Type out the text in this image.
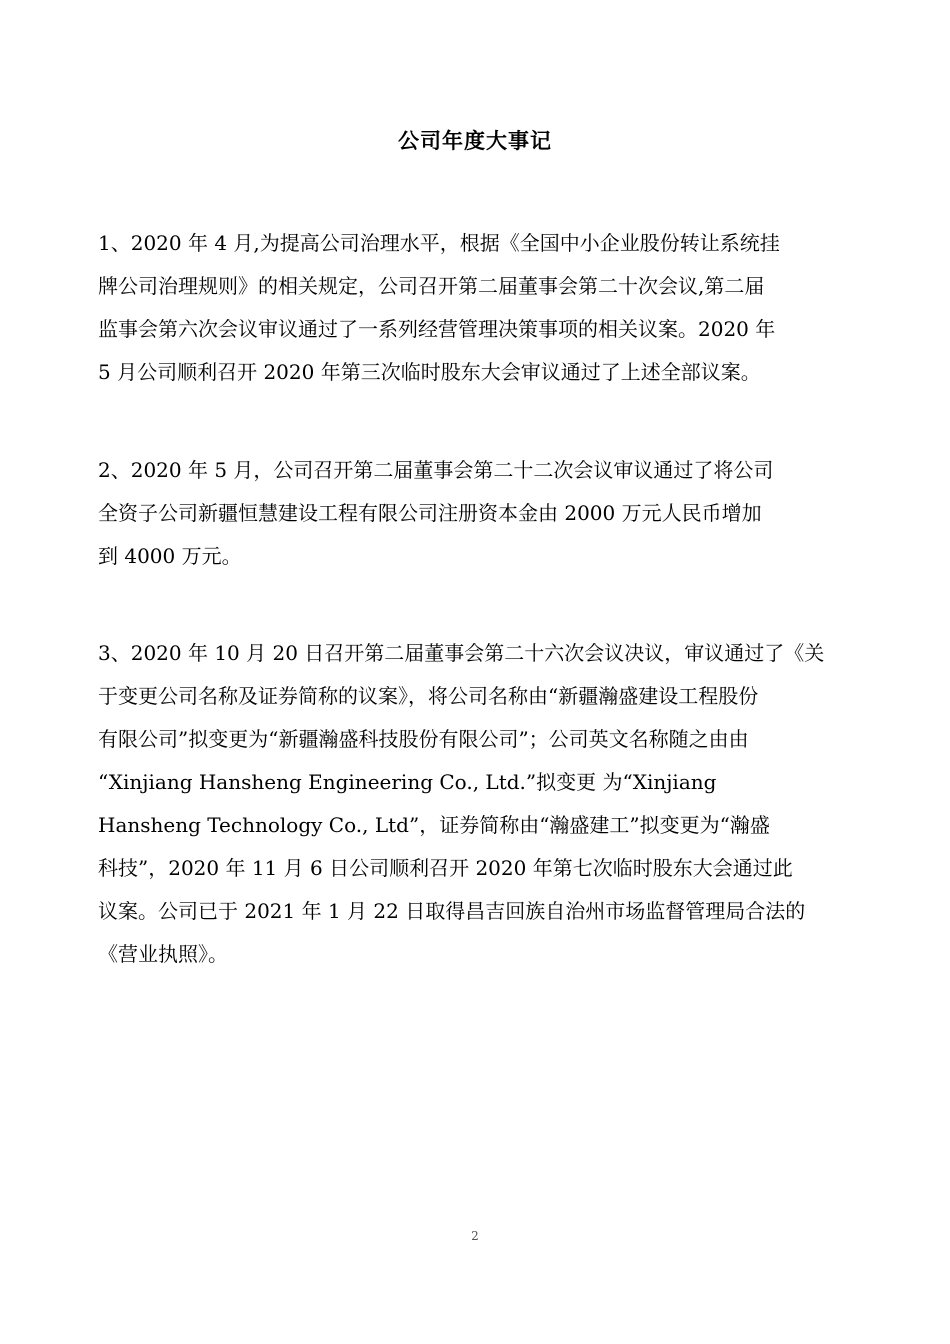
公司年度大事记
1、2020 年 4 月,为提高公司治理水平，根据《全国中小企业股份转让系统挂
牌公司治理规则》的相关规定，公司召开第二届董事会第二十次会议,第二届
监事会第六次会议审议通过了一系列经营管理决策事项的相关议案。2020 年
5 月公司顺利召开 2020 年第三次临时股东大会审议通过了上述全部议案。
2、2020 年 5 月，公司召开第二届董事会第二十二次会议审议通过了将公司
全资子公司新疆恒慧建设工程有限公司注册资本金由 2000 万元人民币增加
到 4000 万元。
3、2020 年 10 月 20 日召开第二届董事会第二十六次会议决议，审议通过了《关
于变更公司名称及证券简称的议案》，将公司名称由“新疆瀚盛建设工程股份
有限公司”拟变更为“新疆瀚盛科技股份有限公司”；公司英文名称随之由由
“Xinjiang Hansheng Engineering Co., Ltd.”拟变更 为“Xinjiang
Hansheng Technology Co., Ltd”，证券简称由“瀚盛建工”拟变更为“瀚盛
科技”，2020 年 11 月 6 日公司顺利召开 2020 年第七次临时股东大会通过此
议案。公司已于 2021 年 1 月 22 日取得昌吉回族自治州市场监督管理局合法的
《营业执照》。
2
